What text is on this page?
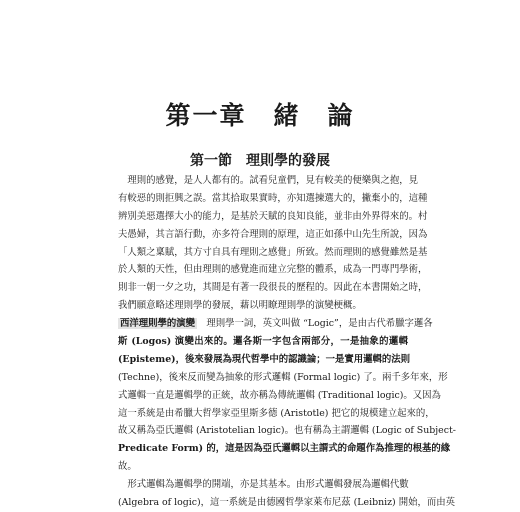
第一章　緒　論
第一節　理則學的發展
　理則的感覺，是人人都有的。試看兒童們，見有較美的便樂與之抱，見
有較惡的則拒興之誤。當其拾取果實時，亦知選揀選大的，撇棄小的，這種
辨別美惡選擇大小的能力，是基於天賦的良知良能，並非由外界得來的。村
夫愚婦，其言語行動，亦多符合理則的原理，這正如孫中山先生所說，因為
「人類之稟賦，其方寸自具有理則之感覺」所致。然而理則的感覺雖然是基
於人類的天性，但由理則的感覺進而建立完整的體系，成為一門專門學術，
則非一朝一夕之功，其間是有著一段很長的歷程的。因此在本書開始之時，
我們願意略述理則學的發展，藉以明瞭理則學的演變梗概。
西洋理則學的演變　理則學一詞，英文叫做 “Logic”，是由古代希臘字邏各
斯 (Logos) 演變出來的。邏各斯一字包含兩部分，一是抽象的邏輯
(Episteme)，後來發展為現代哲學中的認識論；一是實用邏輯的法則
(Techne)，後來反而變為抽象的形式邏輯 (Formal logic) 了。兩千多年來，形
式邏輯一直是邏輯學的正統，故亦稱為傳統邏輯 (Traditional logic)。又因為
這一系統是由希臘大哲學家亞里斯多德 (Aristotle) 把它的規模建立起來的，
故又稱為亞氏邏輯 (Aristotelian logic)。也有稱為主謂邏輯 (Logic of Subject-
Predicate Form) 的，這是因為亞氏邏輯以主謂式的命題作為推理的根基的緣
故。
　形式邏輯為邏輯學的開端，亦是其基本。由形式邏輯發展為邏輯代數
(Algebra of logic)，這一系統是由德國哲學家萊布尼茲 (Leibniz) 開始，而由英
